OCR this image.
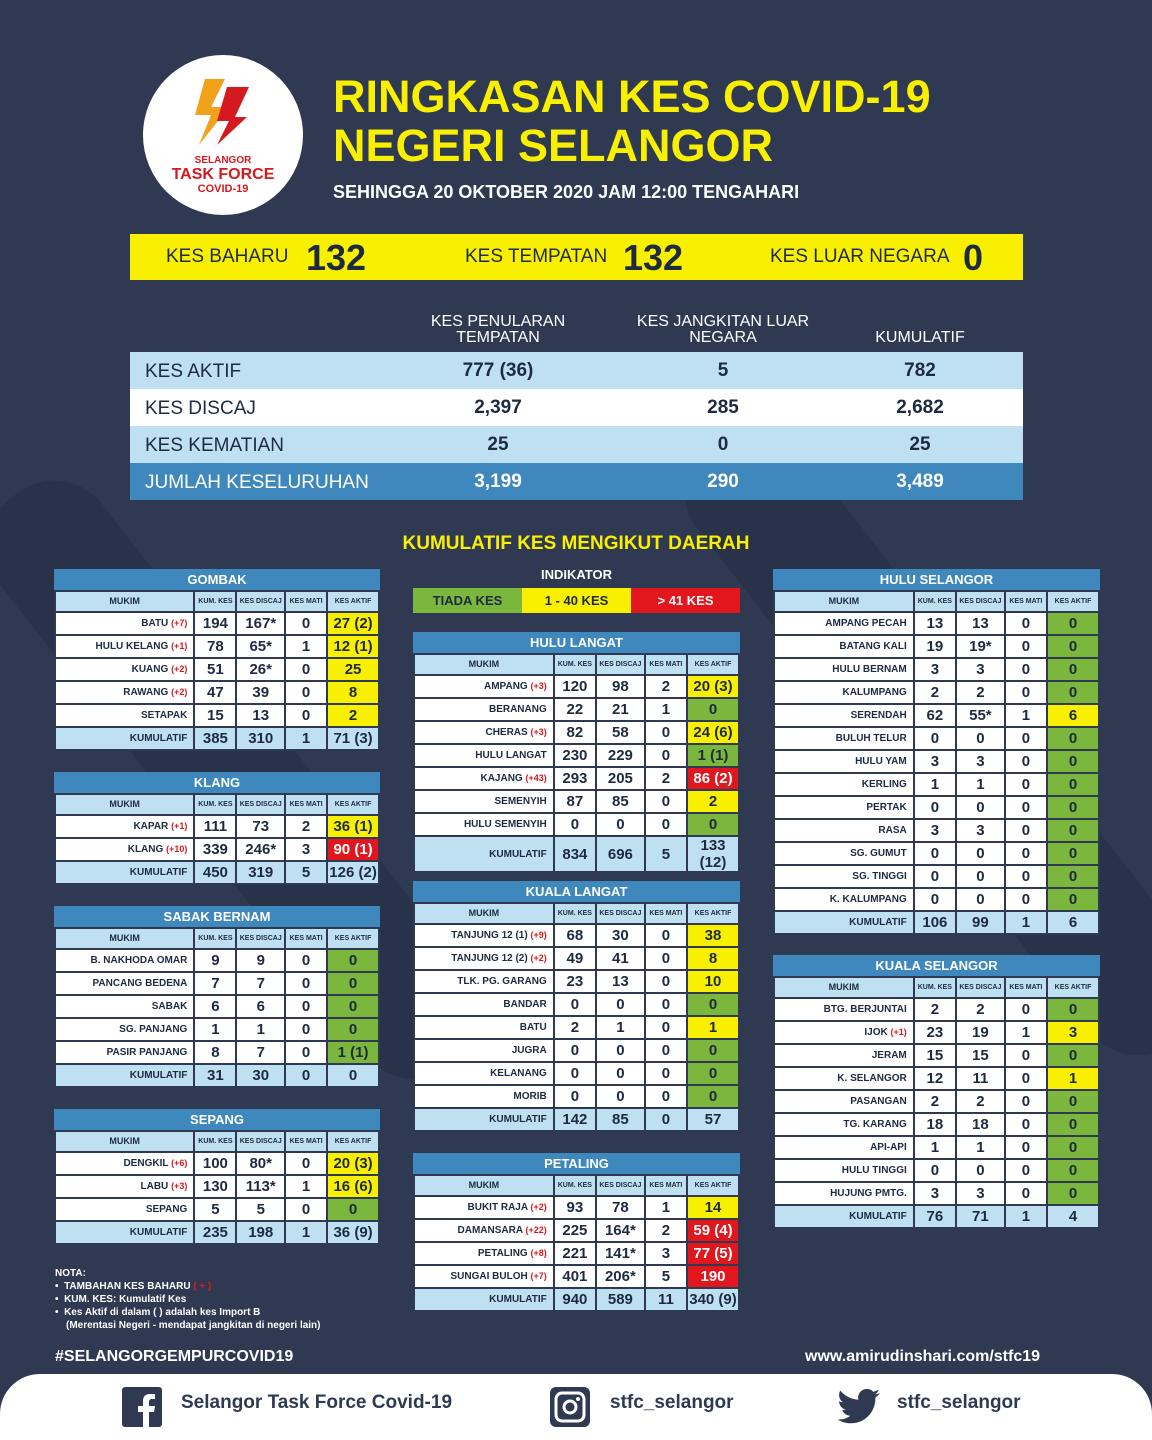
SELANGOR
TASK FORCE
COVID-19
RINGKASAN KES COVID-19
NEGERI SELANGOR
SEHINGGA 20 OKTOBER 2020 JAM 12:00 TENGAHARI
KES BAHARU 132	KES TEMPATAN 132	KES LUAR NEGARA 0
KES PENULARAN TEMPATAN
KES JANGKITAN LUAR NEGARA	KUMULATIF
KES AKTIF	777 (36)	5	782
KES DISCAJ	2,397	285	2,682
KES KEMATIAN	25	0	25
JUMLAH KESELURUHAN	3,199	290	3,489
KUMULATIF KES MENGIKUT DAERAH
INDIKATOR
TIADA KES	1 - 40 KES	> 41 KES
GOMBAK
MUKIM	KUM. KES	KES DISCAJ	KES MATI	KES AKTIF
BATU (+7)	194	167*	0	27 (2)
HULU KELANG (+1)	78	65*	1	12 (1)
KUANG (+2)	51	26*	0	25
RAWANG (+2)	47	39	0	8
SETAPAK	15	13	0	2
KUMULATIF	385	310	1	71 (3)
KLANG
MUKIM	KUM. KES	KES DISCAJ	KES MATI	KES AKTIF
KAPAR (+1)	111	73	2	36 (1)
KLANG (+10)	339	246*	3	90 (1)
KUMULATIF	450	319	5	126 (2)
SABAK BERNAM
MUKIM	KUM. KES	KES DISCAJ	KES MATI	KES AKTIF
B. NAKHODA OMAR	9	9	0	0
PANCANG BEDENA	7	7	0	0
SABAK	6	6	0	0
SG. PANJANG	1	1	0	0
PASIR PANJANG	8	7	0	1 (1)
KUMULATIF	31	30	0	0
SEPANG
MUKIM	KUM. KES	KES DISCAJ	KES MATI	KES AKTIF
DENGKIL (+6)	100	80*	0	20 (3)
LABU (+3)	130	113*	1	16 (6)
SEPANG	5	5	0	0
KUMULATIF	235	198	1	36 (9)
HULU LANGAT
MUKIM	KUM. KES	KES DISCAJ	KES MATI	KES AKTIF
AMPANG (+3)	120	98	2	20 (3)
BERANANG	22	21	1	0
CHERAS (+3)	82	58	0	24 (6)
HULU LANGAT	230	229	0	1 (1)
KAJANG (+43)	293	205	2	86 (2)
SEMENYIH	87	85	0	2
HULU SEMENYIH	0	0	0	0
KUMULATIF	834	696	5	133 (12)
KUALA LANGAT
MUKIM	KUM. KES	KES DISCAJ	KES MATI	KES AKTIF
TANJUNG 12 (1) (+9)	68	30	0	38
TANJUNG 12 (2) (+2)	49	41	0	8
TLK. PG. GARANG	23	13	0	10
BANDAR	0	0	0	0
BATU	2	1	0	1
JUGRA	0	0	0	0
KELANANG	0	0	0	0
MORIB	0	0	0	0
KUMULATIF	142	85	0	57
PETALING
MUKIM	KUM. KES	KES DISCAJ	KES MATI	KES AKTIF
BUKIT RAJA (+2)	93	78	1	14
DAMANSARA (+22)	225	164*	2	59 (4)
PETALING (+8)	221	141*	3	77 (5)
SUNGAI BULOH (+7)	401	206*	5	190
KUMULATIF	940	589	11	340 (9)
HULU SELANGOR
MUKIM	KUM. KES	KES DISCAJ	KES MATI	KES AKTIF
AMPANG PECAH	13	13	0	0
BATANG KALI	19	19*	0	0
HULU BERNAM	3	3	0	0
KALUMPANG	2	2	0	0
SERENDAH	62	55*	1	6
BULUH TELUR	0	0	0	0
HULU YAM	3	3	0	0
KERLING	1	1	0	0
PERTAK	0	0	0	0
RASA	3	3	0	0
SG. GUMUT	0	0	0	0
SG. TINGGI	0	0	0	0
K. KALUMPANG	0	0	0	0
KUMULATIF	106	99	1	6
KUALA SELANGOR
MUKIM	KUM. KES	KES DISCAJ	KES MATI	KES AKTIF
BTG. BERJUNTAI	2	2	0	0
IJOK (+1)	23	19	1	3
JERAM	15	15	0	0
K. SELANGOR	12	11	0	1
PASANGAN	2	2	0	0
TG. KARANG	18	18	0	0
API-API	1	1	0	0
HULU TINGGI	0	0	0	0
HUJUNG PMTG.	3	3	0	0
KUMULATIF	76	71	1	4
NOTA:
•  TAMBAHAN KES BAHARU ( + )
•  KUM. KES: Kumulatif Kes
•  Kes Aktif di dalam ( ) adalah kes Import B
(Merentasi Negeri - mendapat jangkitan di negeri lain)
#SELANGORGEMPURCOVID19	www.amirudinshari.com/stfc19
Selangor Task Force Covid-19	stfc_selangor	stfc_selangor
